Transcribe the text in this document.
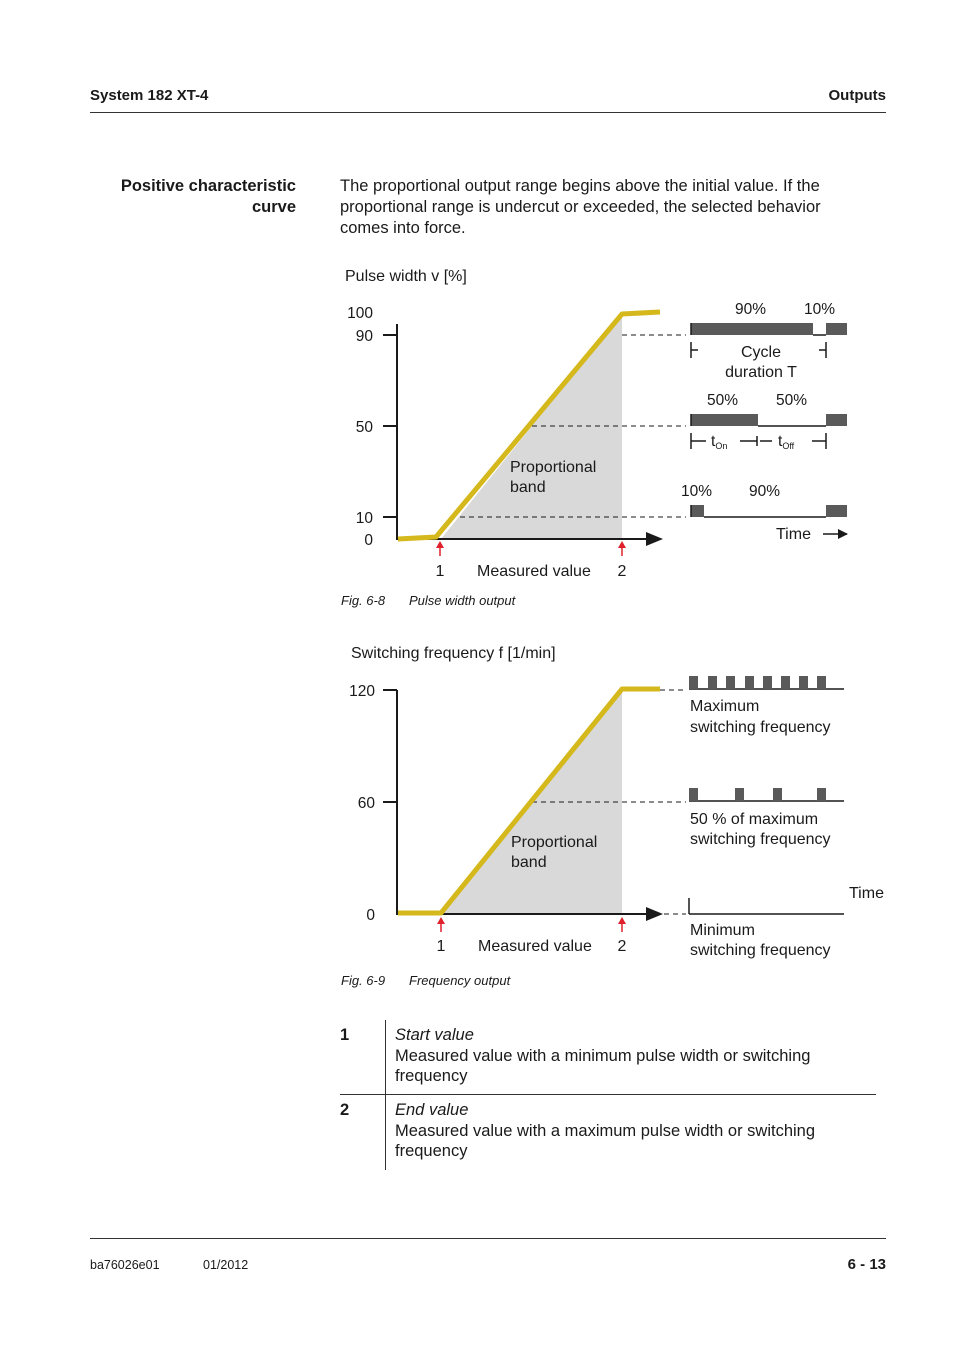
System 182 XT-4	Outputs
Positive characteristic
curve
The proportional output range begins above the initial value. If the proportional range is undercut or exceeded, the selected behavior comes into force.
Pulse width v [%]
100
90
50
10
0
1 Measured value 2
Proportional
band
90% 10%
Cycle
duration T
50% 50%
tOn	tOff
10% 90%
Time
Fig. 6-8 Pulse width output
Switching frequency f [1/min]
120
60
0
1 Measured value 2
Proportional
band
Maximum
switching frequency
50 % of maximum
switching frequency
Time
Minimum
switching frequency
Fig. 6-9 Frequency output
1	Start value
Measured value with a minimum pulse width or switching frequency
2	End value
Measured value with a maximum pulse width or switching frequency
ba76026e01	01/2012	6 - 13
